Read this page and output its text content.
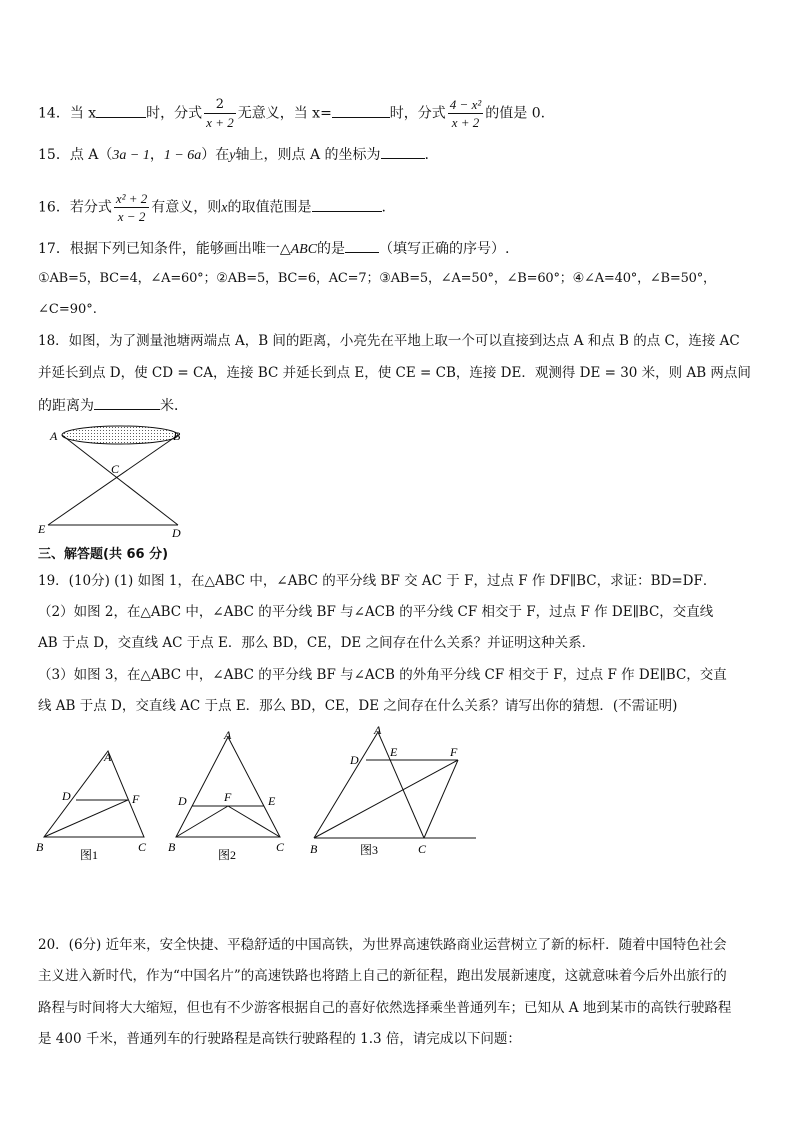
14．当 x	时，分式 $\frac{2}{x + 2}$ 无意义，当 x=	时，分式 $\frac{\text{4 − x²}}{x + 2}$ 的值是 0.
15．点 A（3a − 1，1 − 6a）在y轴上，则点 A 的坐标为	.
16．若分式 $\frac{\text{x² + 2}}{x - 2}$ 有意义，则x的取值范围是	.
17．根据下列已知条件，能够画出唯一△ABC的是 （填写正确的序号）.
①AB=5，BC=4，∠A=60°；②AB=5，BC=6，AC=7；③AB=5，∠A=50°，∠B=60°；④∠A=40°，∠B=50°，
∠C=90°.
18．如图，为了测量池塘两端点 A，B 间的距离，小亮先在平地上取一个可以直接到达点 A 和点 B 的点 C，连接 AC
并延长到点 D，使 CD = CA，连接 BC 并延长到点 E，使 CE = CB，连接 DE．观测得 DE = 30 米，则 AB 两点间
的距离为	米．
A	B
C
E	D
三、解答题(共 66 分)
19．(10分) (1) 如图 1，在△ABC 中，∠ABC 的平分线 BF 交 AC 于 F，过点 F 作 DF∥BC，求证：BD=DF．
（2）如图 2，在△ABC 中，∠ABC 的平分线 BF 与∠ACB 的平分线 CF 相交于 F，过点 F 作 DE∥BC，交直线
AB 于点 D，交直线 AC 于点 E．那么 BD，CE，DE 之间存在什么关系？并证明这种关系．
（3）如图 3，在△ABC 中，∠ABC 的平分线 BF 与∠ACB 的外角平分线 CF 相交于 F，过点 F 作 DE∥BC，交直
线 AB 于点 D，交直线 AC 于点 E．那么 BD，CE，DE 之间存在什么关系？请写出你的猜想．(不需证明)
A
D	F
B	C
图1
A
D	F	E
B	C
图2
A
E	F
D
B	C
图3
20．(6分) 近年来，安全快捷、平稳舒适的中国高铁，为世界高速铁路商业运营树立了新的标杆．随着中国特色社会
主义进入新时代，作为“中国名片”的高速铁路也将踏上自己的新征程，跑出发展新速度，这就意味着今后外出旅行的
路程与时间将大大缩短，但也有不少游客根据自己的喜好依然选择乘坐普通列车；已知从 A 地到某市的高铁行驶路程
是 400 千米，普通列车的行驶路程是高铁行驶路程的 1.3 倍，请完成以下问题：
